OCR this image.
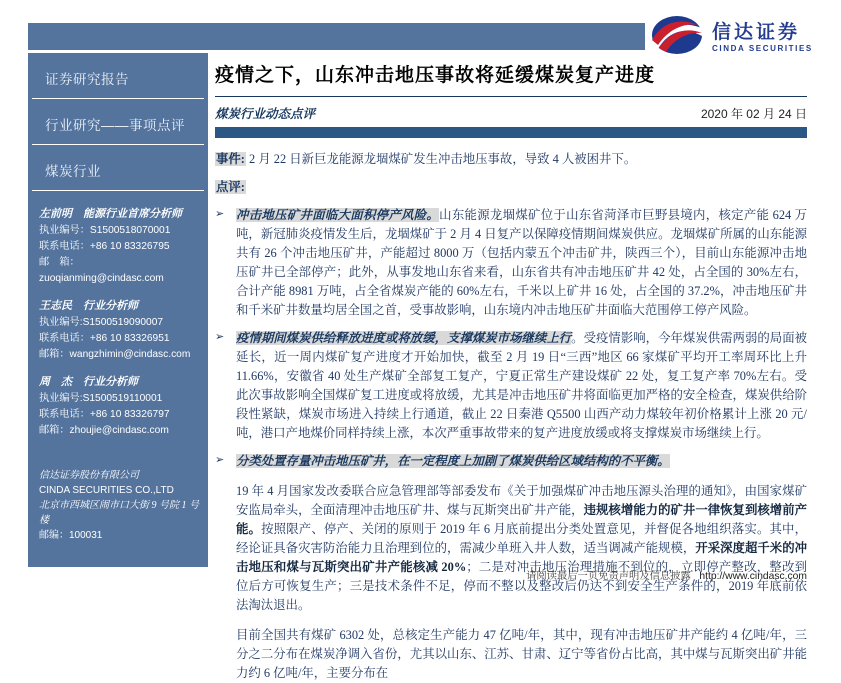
信达证券
CINDA SECURITIES
证券研究报告
行业研究——事项点评
煤炭行业
左前明　能源行业首席分析师
执业编号：S1500518070001
联系电话：+86 10 83326795
邮　箱：zuoqianming@cindasc.com
王志民　行业分析师
执业编号:S1500519090007
联系电话：+86 10 83326951
邮箱：wangzhimin@cindasc.com
周　杰　行业分析师
执业编号:S1500519110001
联系电话：+86 10 83326797
邮箱：zhoujie@cindasc.com
信达证券股份有限公司
CINDA SECURITIES CO.,LTD
北京市西城区闹市口大街 9 号院 1 号楼
邮编：100031
疫情之下，山东冲击地压事故将延缓煤炭复产进度
煤炭行业动态点评	2020 年 02 月 24 日
事件: 2 月 22 日新巨龙能源龙堌煤矿发生冲击地压事故，导致 4 人被困井下。
点评:
➢ 冲击地压矿井面临大面积停产风险。山东能源龙堌煤矿位于山东省菏泽市巨野县境内，核定产能 624 万吨，新冠肺炎疫情发生后，龙堌煤矿于 2 月 4 日复产以保障疫情期间煤炭供应。龙堌煤矿所属的山东能源共有 26 个冲击地压矿井，产能超过 8000 万（包括内蒙五个冲击矿井，陕西三个），目前山东能源冲击地压矿井已全部停产；此外，从事发地山东省来看，山东省共有冲击地压矿井 42 处，占全国的 30%左右，合计产能 8981 万吨，占全省煤炭产能的 60%左右，千米以上矿井 16 处，占全国的 37.2%，冲击地压矿井和千米矿井数量均居全国之首，受事故影响，山东境内冲击地压矿井面临大范围停工停产风险。
➢ 疫情期间煤炭供给释放进度或将放缓，支撑煤炭市场继续上行。受疫情影响，今年煤炭供需两弱的局面被延长，近一周内煤矿复产进度才开始加快，截至 2 月 19 日“三西”地区 66 家煤矿平均开工率周环比上升 11.66%，安徽省 40 处生产煤矿全部复工复产，宁夏正常生产建设煤矿 22 处，复工复产率 70%左右。受此次事故影响全国煤矿复工进度或将放缓，尤其是冲击地压矿井将面临更加严格的安全检查，煤炭供给阶段性紧缺，煤炭市场进入持续上行通道，截止 22 日秦港 Q5500 山西产动力煤较年初价格累计上涨 20 元/吨，港口产地煤价同样持续上涨，本次严重事故带来的复产进度放缓或将支撑煤炭市场继续上行。
➢ 分类处置存量冲击地压矿井，在一定程度上加剧了煤炭供给区域结构的不平衡。
19 年 4 月国家发改委联合应急管理部等部委发布《关于加强煤矿冲击地压源头治理的通知》，由国家煤矿安监局牵头，全面清理冲击地压矿井、煤与瓦斯突出矿井产能，违规核增能力的矿井一律恢复到核增前产能。按照限产、停产、关闭的原则于 2019 年 6 月底前提出分类处置意见，并督促各地组织落实。其中，经论证具备灾害防治能力且治理到位的，需减少单班入井人数，适当调减产能规模，开采深度超千米的冲击地压和煤与瓦斯突出矿井产能核减 20%；二是对冲击地压治理措施不到位的，立即停产整改，整改到位后方可恢复生产；三是技术条件不足，停而不整以及整改后仍达不到安全生产条件的，2019 年底前依法淘汰退出。
目前全国共有煤矿 6302 处，总核定生产能力 47 亿吨/年，其中，现有冲击地压矿井产能约 4 亿吨/年，三分之二分布在煤炭净调入省份，尤其以山东、江苏、甘肃、辽宁等省份占比高，其中煤与瓦斯突出矿井能力约 6 亿吨/年，主要分布在
请阅读最后一页免责声明及信息披露 http://www.cindasc.com
